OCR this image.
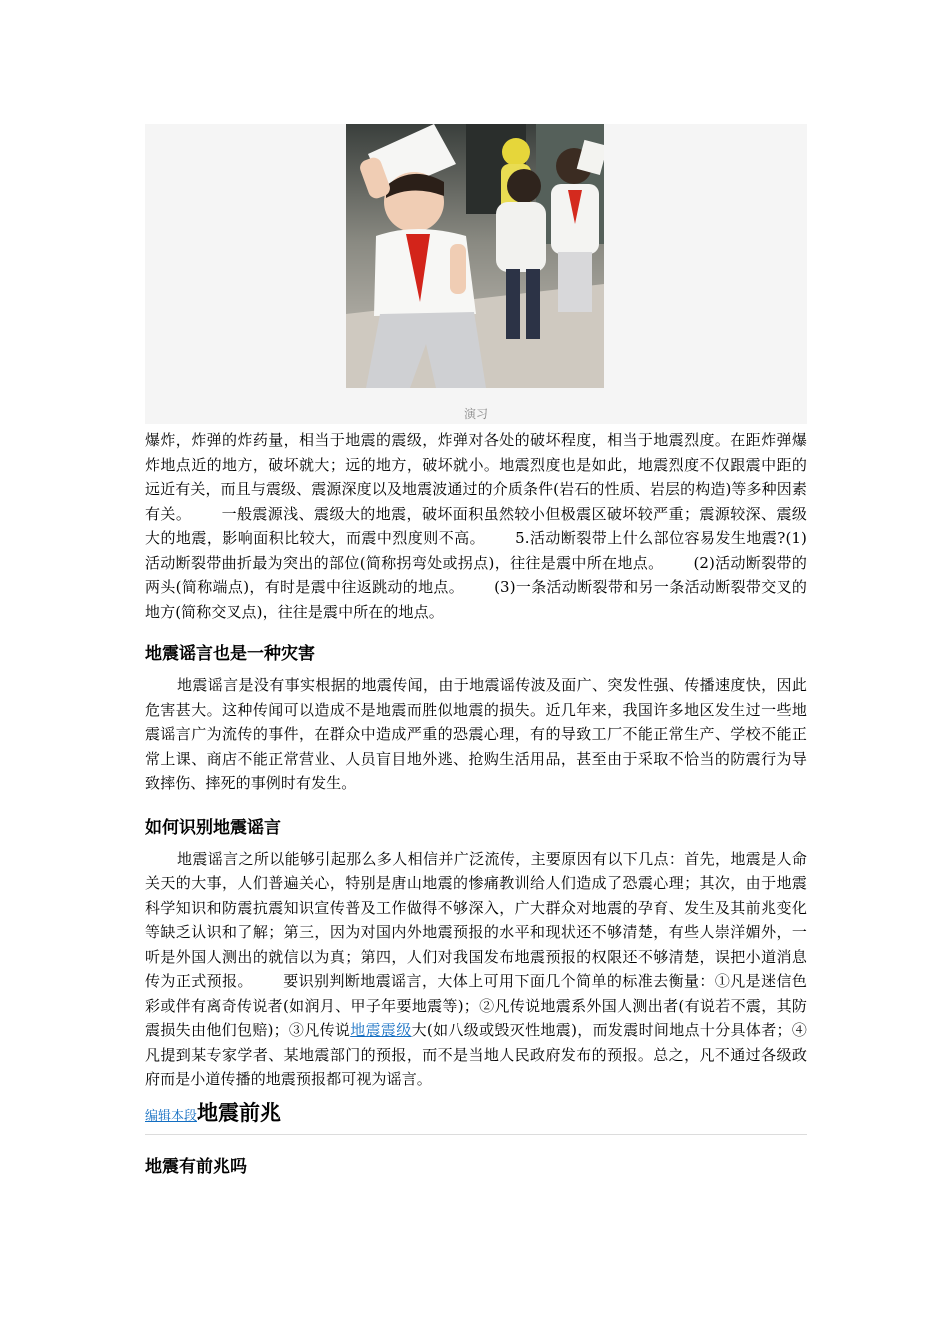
演习

爆炸，炸弹的炸药量，相当于地震的震级，炸弹对各处的破坏程度，相当于地震烈度。在距炸弹爆炸地点近的地方，破坏就大；远的地方，破坏就小。地震烈度也是如此，地震烈度不仅跟震中距的远近有关，而且与震级、震源深度以及地震波通过的介质条件(岩石的性质、岩层的构造)等多种因素有关。 一般震源浅、震级大的地震，破坏面积虽然较小但极震区破坏较严重；震源较深、震级大的地震，影响面积比较大，而震中烈度则不高。 5.活动断裂带上什么部位容易发生地震?(1)活动断裂带曲折最为突出的部位(简称拐弯处或拐点)，往往是震中所在地点。 (2)活动断裂带的两头(简称端点)，有时是震中往返跳动的地点。 (3)一条活动断裂带和另一条活动断裂带交叉的地方(简称交叉点)，往往是震中所在的地点。

地震谣言也是一种灾害

地震谣言是没有事实根据的地震传闻，由于地震谣传波及面广、突发性强、传播速度快，因此危害甚大。这种传闻可以造成不是地震而胜似地震的损失。近几年来，我国许多地区发生过一些地震谣言广为流传的事件，在群众中造成严重的恐震心理，有的导致工厂不能正常生产、学校不能正常上课、商店不能正常营业、人员盲目地外逃、抢购生活用品，甚至由于采取不恰当的防震行为导致摔伤、摔死的事例时有发生。

如何识别地震谣言

地震谣言之所以能够引起那么多人相信并广泛流传，主要原因有以下几点：首先，地震是人命关天的大事，人们普遍关心，特别是唐山地震的惨痛教训给人们造成了恐震心理；其次，由于地震科学知识和防震抗震知识宣传普及工作做得不够深入，广大群众对地震的孕育、发生及其前兆变化等缺乏认识和了解；第三，因为对国内外地震预报的水平和现状还不够清楚，有些人崇洋媚外，一听是外国人测出的就信以为真；第四，人们对我国发布地震预报的权限还不够清楚，误把小道消息传为正式预报。 要识别判断地震谣言，大体上可用下面几个简单的标准去衡量：①凡是迷信色彩或伴有离奇传说者(如润月、甲子年要地震等)；②凡传说地震系外国人测出者(有说若不震，其防震损失由他们包赔)；③凡传说地震震级大(如八级或毁灭性地震)，而发震时间地点十分具体者；④凡提到某专家学者、某地震部门的预报，而不是当地人民政府发布的预报。总之，凡不通过各级政府而是小道传播的地震预报都可视为谣言。

编辑本段地震前兆
地震有前兆吗
